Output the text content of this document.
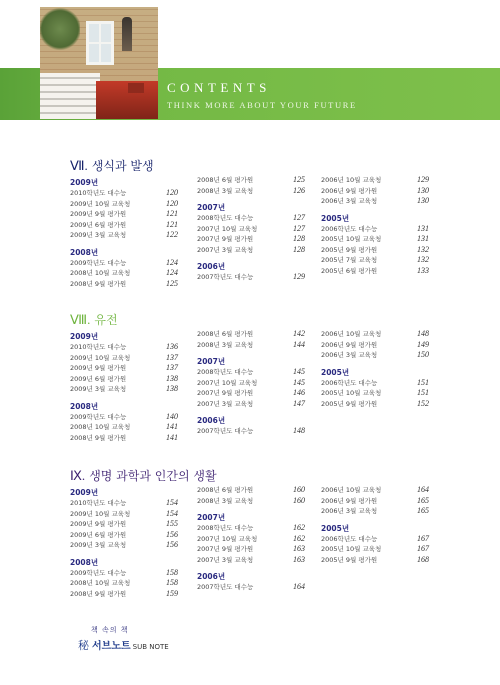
CONTENTS
THINK MORE ABOUT YOUR FUTURE
Ⅶ. 생식과 발생
2009년
2010학년도 대수능	120
2009년 10월 교육청	120
2009년 9월 평가원	121
2009년 6월 평가원	121
2009년 3월 교육청	122
2008년
2009학년도 대수능	124
2008년 10월 교육청	124
2008년 9월 평가원	125
2008년 6월 평가원	125
2008년 3월 교육청	126
2007년
2008학년도 대수능	127
2007년 10월 교육청	127
2007년 9월 평가원	128
2007년 3월 교육청	128
2006년
2007학년도 대수능	129
2006년 10월 교육청	129
2006년 9월 평가원	130
2006년 3월 교육청	130
2005년
2006학년도 대수능	131
2005년 10월 교육청	131
2005년 9월 평가원	132
2005년 7월 교육청	132
2005년 6월 평가원	133
Ⅷ. 유전
2009년
2010학년도 대수능	136
2009년 10월 교육청	137
2009년 9월 평가원	137
2009년 6월 평가원	138
2009년 3월 교육청	138
2008년
2009학년도 대수능	140
2008년 10월 교육청	141
2008년 9월 평가원	141
2008년 6월 평가원	142
2008년 3월 교육청	144
2007년
2008학년도 대수능	145
2007년 10월 교육청	145
2007년 9월 평가원	146
2007년 3월 교육청	147
2006년
2007학년도 대수능	148
2006년 10월 교육청	148
2006년 9월 평가원	149
2006년 3월 교육청	150
2005년
2006학년도 대수능	151
2005년 10월 교육청	151
2005년 9월 평가원	152
Ⅸ. 생명 과학과 인간의 생활
2009년
2010학년도 대수능	154
2009년 10월 교육청	154
2009년 9월 평가원	155
2009년 6월 평가원	156
2009년 3월 교육청	156
2008년
2009학년도 대수능	158
2008년 10월 교육청	158
2008년 9월 평가원	159
2008년 6월 평가원	160
2008년 3월 교육청	160
2007년
2008학년도 대수능	162
2007년 10월 교육청	162
2007년 9월 평가원	163
2007년 3월 교육청	163
2006년
2007학년도 대수능	164
2006년 10월 교육청	164
2006년 9월 평가원	165
2006년 3월 교육청	165
2005년
2006학년도 대수능	167
2005년 10월 교육청	167
2005년 9월 평가원	168
책 속의 책
秘 서브노트 SUB NOTE
